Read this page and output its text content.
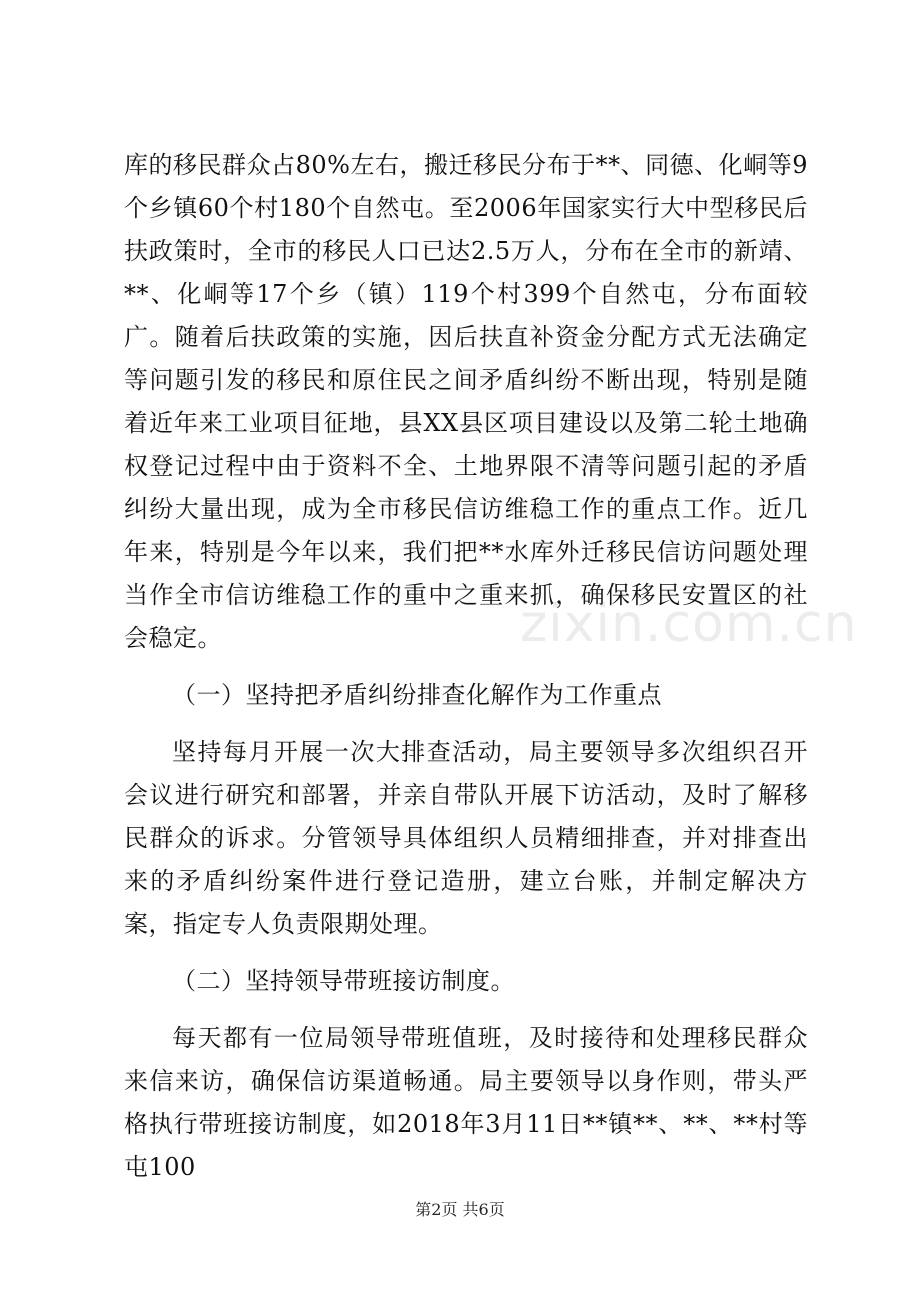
库的移民群众占80%左右，搬迁移民分布于**、同德、化峒等9个乡镇60个村180个自然屯。至2006年国家实行大中型移民后扶政策时，全市的移民人口已达2.5万人，分布在全市的新靖、**、化峒等17个乡（镇）119个村399个自然屯，分布面较广。随着后扶政策的实施，因后扶直补资金分配方式无法确定等问题引发的移民和原住民之间矛盾纠纷不断出现，特别是随着近年来工业项目征地，县XX县区项目建设以及第二轮土地确权登记过程中由于资料不全、土地界限不清等问题引起的矛盾纠纷大量出现，成为全市移民信访维稳工作的重点工作。近几年来，特别是今年以来，我们把**水库外迁移民信访问题处理当作全市信访维稳工作的重中之重来抓，确保移民安置区的社会稳定。

（一）坚持把矛盾纠纷排查化解作为工作重点

坚持每月开展一次大排查活动，局主要领导多次组织召开会议进行研究和部署，并亲自带队开展下访活动，及时了解移民群众的诉求。分管领导具体组织人员精细排查，并对排查出来的矛盾纠纷案件进行登记造册，建立台账，并制定解决方案，指定专人负责限期处理。

（二）坚持领导带班接访制度。

每天都有一位局领导带班值班，及时接待和处理移民群众来信来访，确保信访渠道畅通。局主要领导以身作则，带头严格执行带班接访制度，如2018年3月11日**镇**、**、**村等屯100

zixin.com.cn
第2页 共6页
